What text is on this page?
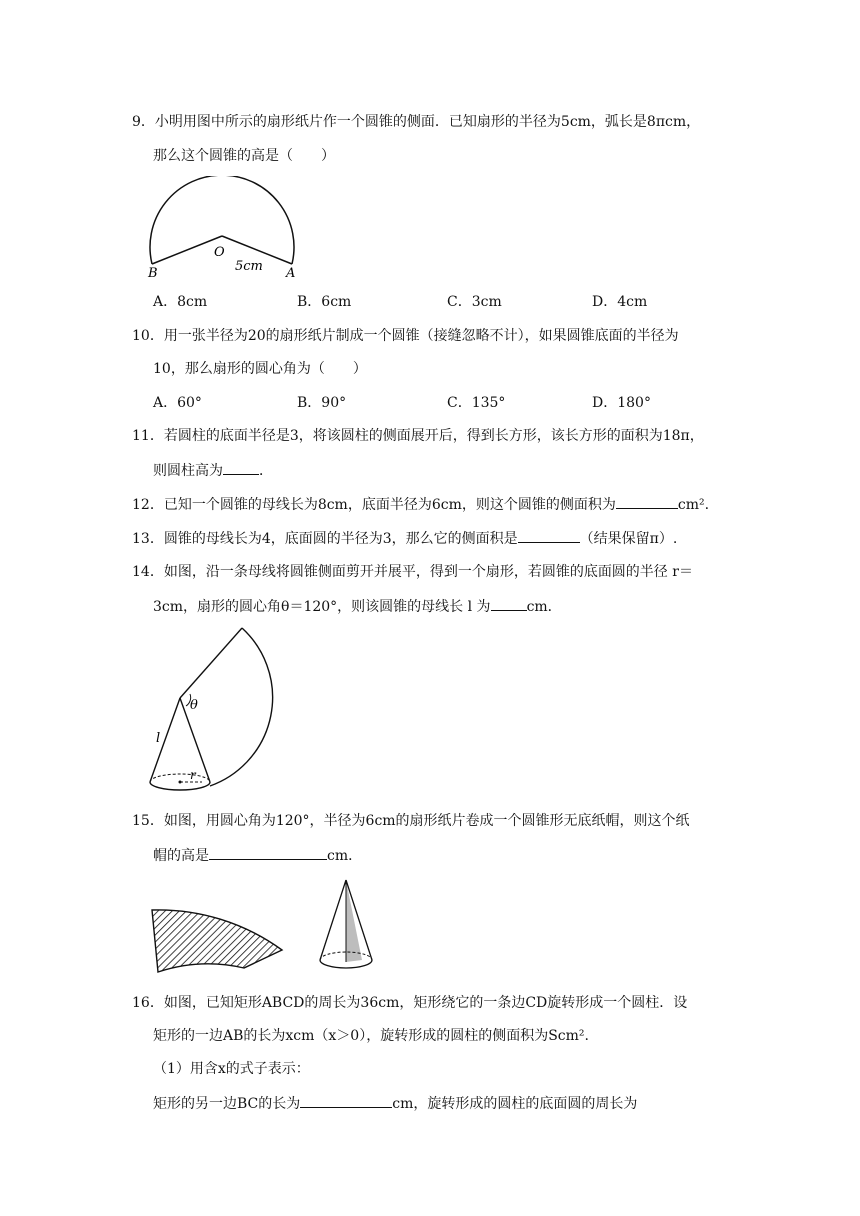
9．小明用图中所示的扇形纸片作一个圆锥的侧面．已知扇形的半径为5cm，弧长是8πcm，
那么这个圆锥的高是（　　）
O
B	5cm A
A．8cm	B．6cm	C．3cm	D．4cm
10．用一张半径为20的扇形纸片制成一个圆锥（接缝忽略不计），如果圆锥底面的半径为
10，那么扇形的圆心角为（　　）
A．60°	B．90°	C．135°	D．180°
11．若圆柱的底面半径是3，将该圆柱的侧面展开后，得到长方形，该长方形的面积为18π，
则圆柱高为	．
12．已知一个圆锥的母线长为8cm，底面半径为6cm，则这个圆锥的侧面积为	cm².
13．圆锥的母线长为4，底面圆的半径为3，那么它的侧面积是	（结果保留π）.
14．如图，沿一条母线将圆锥侧面剪开并展平，得到一个扇形，若圆锥的底面圆的半径 r＝
3cm，扇形的圆心角θ＝120°，则该圆锥的母线长 l 为	cm．
θ
l
r
15．如图，用圆心角为120°，半径为6cm的扇形纸片卷成一个圆锥形无底纸帽，则这个纸
帽的高是	cm．
16．如图，已知矩形ABCD的周长为36cm，矩形绕它的一条边CD旋转形成一个圆柱．设
矩形的一边AB的长为xcm（x＞0），旋转形成的圆柱的侧面积为Scm².
（1）用含x的式子表示：
矩形的另一边BC的长为	cm，旋转形成的圆柱的底面圆的周长为
